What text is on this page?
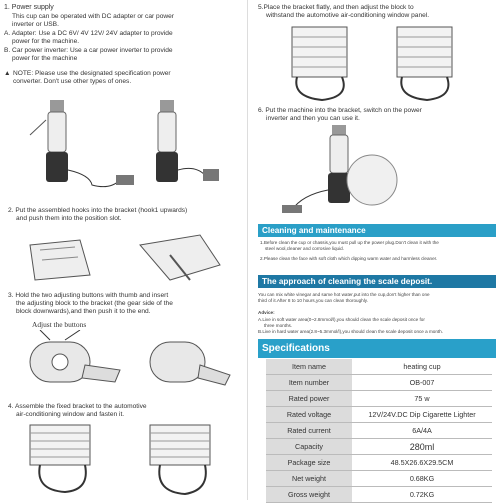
1. Power supply
This cup can be operated with DC adapter or car power
inverter or USB.
A. Adapter: Use a DC 6V/ 4V 12V/ 24V adapter to provide
power for the machine.
B. Car power inverter: Use a car power inverter to provide
power for the machine
▲ NOTE: Please use the designated specification power
converter. Don't use other types of ones.
2. Put the assembled hooks into the bracket (hook1 upwards)
and push them into the position slot.
3. Hold the two adjusting buttons with thumb and insert
the adjusting block to the bracket (the gear side of the
block downwards),and then push it to the end.
Adjust the buttons
4. Assemble the fixed bracket to the automotive
air-conditioning window and fasten it.
5.Place the bracket flatly, and then adjust the block to
withstand the automotive air-conditioning window panel.
6. Put the machine into the bracket, switch on the power
inverter and then you can use it.
Cleaning and maintenance
1.Before clean the cup or chassis,you must pull up the power plug.Don't clean it with the
steel wool,cleaner and corrosive liquid.
2.Please clean the face with soft cloth which dipping warm water and harmless cleaner.
The approach of cleaning the scale deposit.
You can mix white vinegar and same hot water,put into the cup,don't higher than one
third of it.After 8 to 10 hours,you can clean thoroughly.
Advice:
A.Live in soft water area(0~2.8mmol/l),you should clean the scale deposit once for
three months.
B.Live in hard water area(2.8~5.3mmol/l),you should clean the scale deposit once a month.
Specifications
Item name	heating cup
Item number	OB-007
Rated power	75 w
Rated voltage	12V/24V.DC Dip Cigarette Lighter
Rated current	6A/4A
Capacity	280ml
Package size	48.5X26.6X29.5CM
Net weight	0.68KG
Gross weight	0.72KG
